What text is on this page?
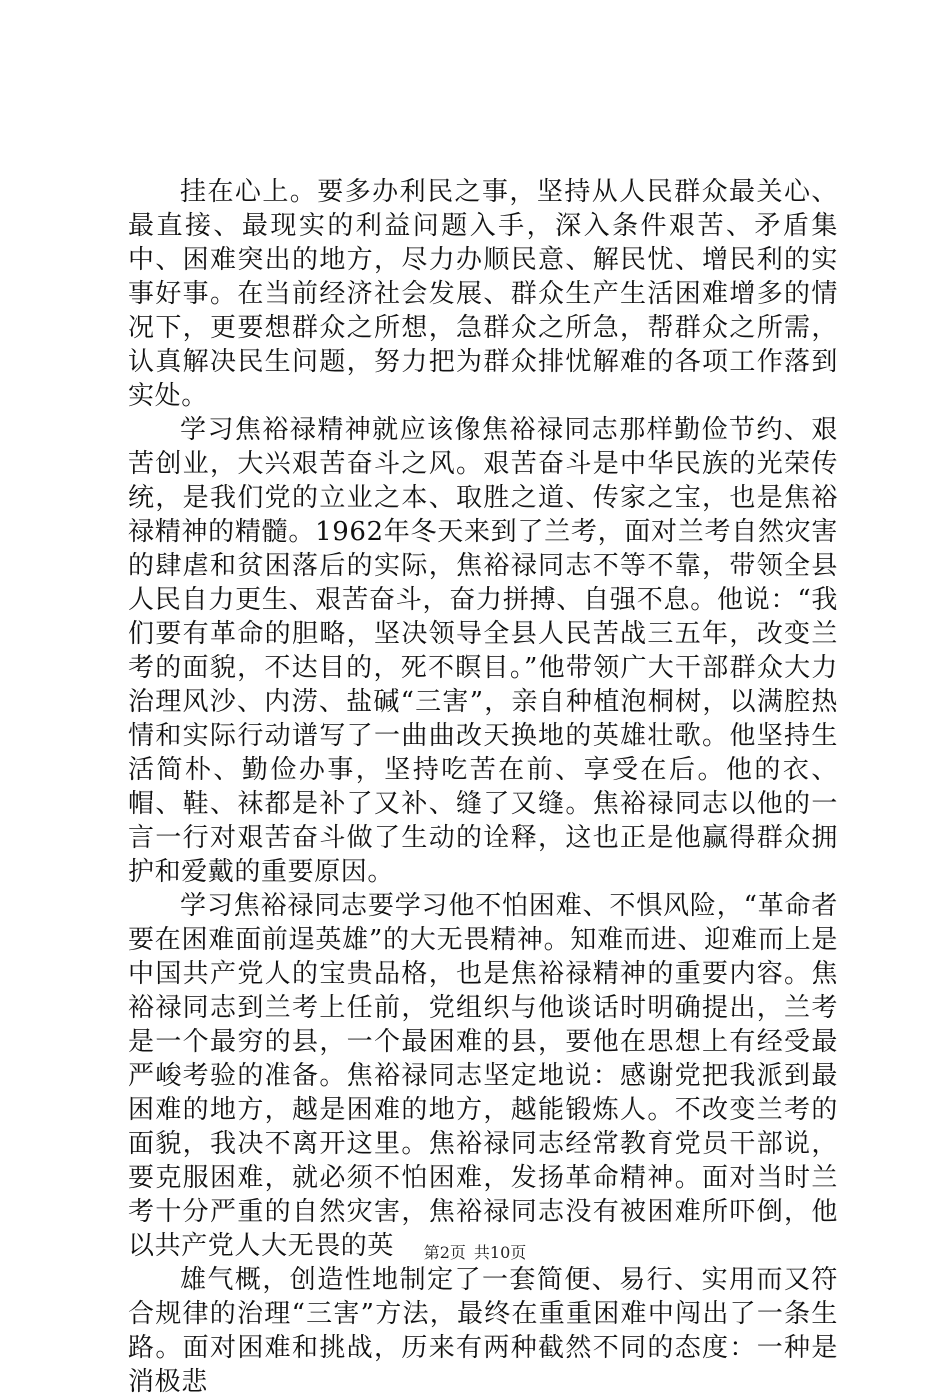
挂在心上。要多办利民之事，坚持从人民群众最关心、最直接、最现实的利益问题入手，深入条件艰苦、矛盾集中、困难突出的地方，尽力办顺民意、解民忧、增民利的实事好事。在当前经济社会发展、群众生产生活困难增多的情况下，更要想群众之所想，急群众之所急，帮群众之所需，认真解决民生问题，努力把为群众排忧解难的各项工作落到实处。

学习焦裕禄精神就应该像焦裕禄同志那样勤俭节约、艰苦创业，大兴艰苦奋斗之风。艰苦奋斗是中华民族的光荣传统，是我们党的立业之本、取胜之道、传家之宝，也是焦裕禄精神的精髓。1962年冬天来到了兰考，面对兰考自然灾害的肆虐和贫困落后的实际，焦裕禄同志不等不靠，带领全县人民自力更生、艰苦奋斗，奋力拼搏、自强不息。他说：“我们要有革命的胆略，坚决领导全县人民苦战三五年，改变兰考的面貌，不达目的，死不瞑目。”他带领广大干部群众大力治理风沙、内涝、盐碱“三害”，亲自种植泡桐树，以满腔热情和实际行动谱写了一曲曲改天换地的英雄壮歌。他坚持生活简朴、勤俭办事，坚持吃苦在前、享受在后。他的衣、帽、鞋、袜都是补了又补、缝了又缝。焦裕禄同志以他的一言一行对艰苦奋斗做了生动的诠释，这也正是他赢得群众拥护和爱戴的重要原因。

学习焦裕禄同志要学习他不怕困难、不惧风险，“革命者要在困难面前逞英雄”的大无畏精神。知难而进、迎难而上是中国共产党人的宝贵品格，也是焦裕禄精神的重要内容。焦裕禄同志到兰考上任前，党组织与他谈话时明确提出，兰考是一个最穷的县，一个最困难的县，要他在思想上有经受最严峻考验的准备。焦裕禄同志坚定地说：感谢党把我派到最困难的地方，越是困难的地方，越能锻炼人。不改变兰考的面貌，我决不离开这里。焦裕禄同志经常教育党员干部说，要克服困难，就必须不怕困难，发扬革命精神。面对当时兰考十分严重的自然灾害，焦裕禄同志没有被困难所吓倒，他以共产党人大无畏的英

雄气概，创造性地制定了一套简便、易行、实用而又符合规律的治理“三害”方法，最终在重重困难中闯出了一条生路。面对困难和挑战，历来有两种截然不同的态度：一种是消极悲

第2页 共10页
